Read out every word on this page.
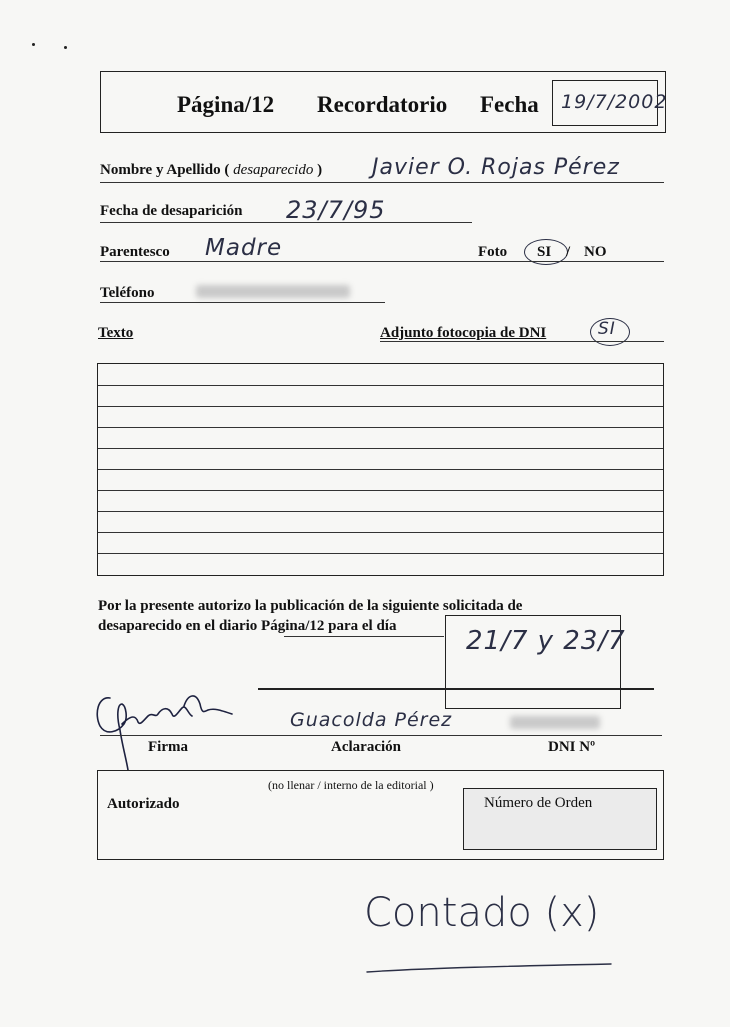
Página/12 Recordatorio Fecha 19/7/2002
Nombre y Apellido ( desaparecido ) Javier O. Rojas Pérez
Fecha de desaparición 23/7/95
Parentesco Madre	Foto SI / NO
Teléfono
Texto	Adjunto fotocopia de DNI	SI
Por la presente autorizo la publicación de la siguiente solicitada de
desaparecido en el diario Página/12 para el día	21/7 y 23/7
Guacolda Pérez
Firma	Aclaración	DNI Nº
(no llenar / interno de la editorial )
Autorizado	Número de Orden
Contado (x)
